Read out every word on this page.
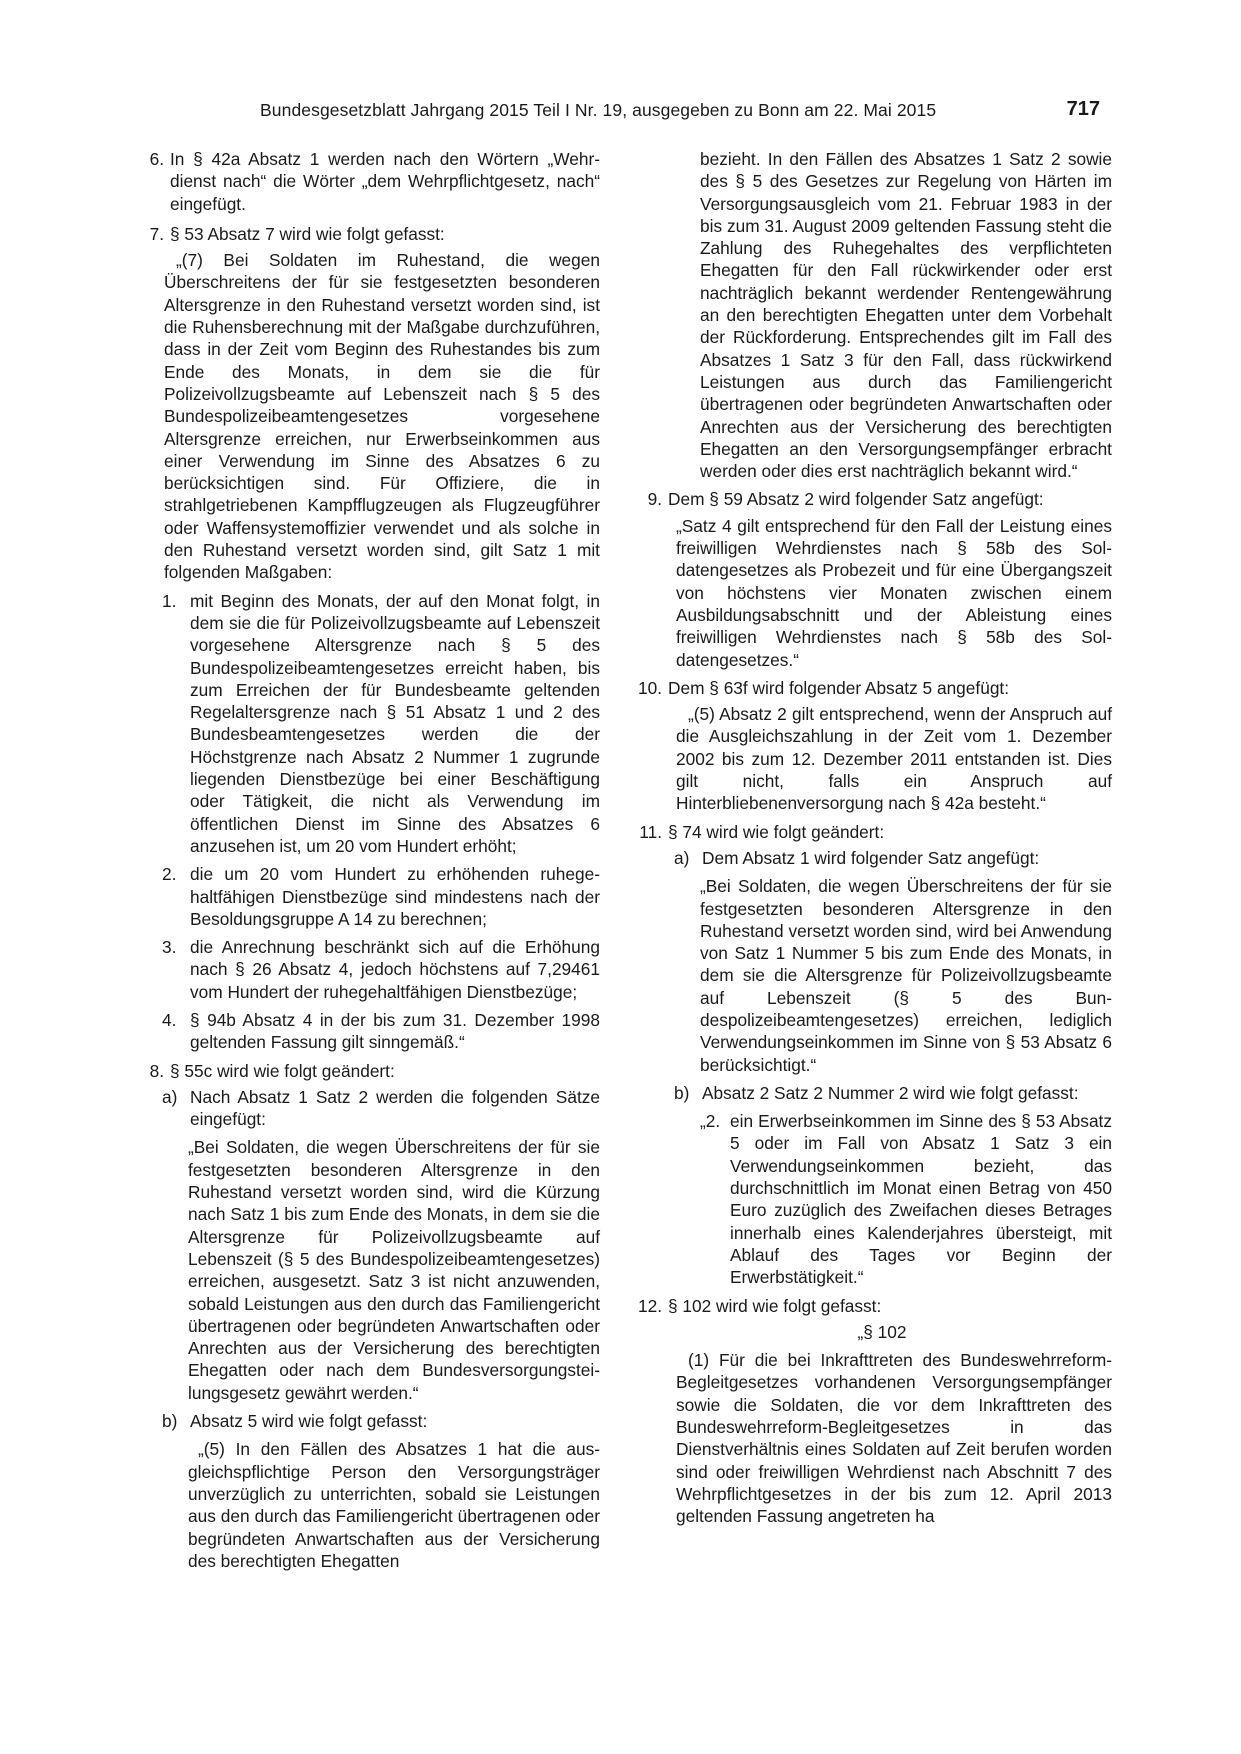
Bundesgesetzblatt Jahrgang 2015 Teil I Nr. 19, ausgegeben zu Bonn am 22. Mai 2015	717
6. In § 42a Absatz 1 werden nach den Wörtern „Wehrdienst nach“ die Wörter „dem Wehrpflichtgesetz, nach“ eingefügt.
7. § 53 Absatz 7 wird wie folgt gefasst:

„(7) Bei Soldaten im Ruhestand, die wegen Überschreitens der für sie festgesetzten besonderen Altersgrenze in den Ruhestand versetzt worden sind, ist die Ruhensberechnung mit der Maßgabe durchzuführen, dass in der Zeit vom Beginn des Ruhestandes bis zum Ende des Monats, in dem sie die für Polizeivollzugsbeamte auf Lebenszeit nach § 5 des Bundespolizeibeamtengesetzes vorgesehene Altersgrenze erreichen, nur Erwerbseinkommen aus einer Verwendung im Sinne des Absatzes 6 zu berücksichtigen sind. Für Offiziere, die in strahlgetriebenen Kampfflugzeugen als Flugzeugführer oder Waffensystemoffizier verwendet und als solche in den Ruhestand versetzt worden sind, gilt Satz 1 mit folgenden Maßgaben:

1. mit Beginn des Monats, der auf den Monat folgt, in dem sie die für Polizeivollzugsbeamte auf Lebenszeit vorgesehene Altersgrenze nach § 5 des Bundespolizeibeamtengesetzes erreicht haben, bis zum Erreichen der für Bundesbeamte geltenden Regelaltersgrenze nach § 51 Absatz 1 und 2 des Bundesbeamtengesetzes werden die der Höchstgrenze nach Absatz 2 Nummer 1 zugrunde liegenden Dienstbezüge bei einer Beschäftigung oder Tätigkeit, die nicht als Verwendung im öffentlichen Dienst im Sinne des Absatzes 6 anzusehen ist, um 20 vom Hundert erhöht;
2. die um 20 vom Hundert zu erhöhenden ruhegehaltfähigen Dienstbezüge sind mindestens nach der Besoldungsgruppe A 14 zu berechnen;
3. die Anrechnung beschränkt sich auf die Erhöhung nach § 26 Absatz 4, jedoch höchstens auf 7,29461 vom Hundert der ruhegehaltfähigen Dienstbezüge;
4. § 94b Absatz 4 in der bis zum 31. Dezember 1998 geltenden Fassung gilt sinngemäß.“
8. § 55c wird wie folgt geändert:
a) Nach Absatz 1 Satz 2 werden die folgenden Sätze eingefügt:

„Bei Soldaten, die wegen Überschreitens der für sie festgesetzten besonderen Altersgrenze in den Ruhestand versetzt worden sind, wird die Kürzung nach Satz 1 bis zum Ende des Monats, in dem sie die Altersgrenze für Polizeivollzugsbeamte auf Lebenszeit (§ 5 des Bundespolizeibeamtengesetzes) erreichen, ausgesetzt. Satz 3 ist nicht anzuwenden, sobald Leistungen aus den durch das Familiengericht übertragenen oder begründeten Anwartschaften oder Anrechten aus der Versicherung des berechtigten Ehegatten oder nach dem Bundesversorgungsteilungsgesetz gewährt werden.“

b) Absatz 5 wird wie folgt gefasst:

„(5) In den Fällen des Absatzes 1 hat die ausgleichspflichtige Person den Versorgungsträger unverzüglich zu unterrichten, sobald sie Leistungen aus den durch das Familiengericht übertragenen oder begründeten Anwartschaften aus der Versicherung des berechtigten Ehegatten

bezieht. In den Fällen des Absatzes 1 Satz 2 sowie des § 5 des Gesetzes zur Regelung von Härten im Versorgungsausgleich vom 21. Februar 1983 in der bis zum 31. August 2009 geltenden Fassung steht die Zahlung des Ruhegehaltes des verpflichteten Ehegatten für den Fall rückwirkender oder erst nachträglich bekannt werdender Rentengewährung an den berechtigten Ehegatten unter dem Vorbehalt der Rückforderung. Entsprechendes gilt im Fall des Absatzes 1 Satz 3 für den Fall, dass rückwirkend Leistungen aus durch das Familiengericht übertragenen oder begründeten Anwartschaften oder Anrechten aus der Versicherung des berechtigten Ehegatten an den Versorgungsempfänger erbracht werden oder dies erst nachträglich bekannt wird.“

9. Dem § 59 Absatz 2 wird folgender Satz angefügt:

„Satz 4 gilt entsprechend für den Fall der Leistung eines freiwilligen Wehrdienstes nach § 58b des Soldatengesetzes als Probezeit und für eine Übergangszeit von höchstens vier Monaten zwischen einem Ausbildungsabschnitt und der Ableistung eines freiwilligen Wehrdienstes nach § 58b des Soldatengesetzes.“

10. Dem § 63f wird folgender Absatz 5 angefügt:

„(5) Absatz 2 gilt entsprechend, wenn der Anspruch auf die Ausgleichszahlung in der Zeit vom 1. Dezember 2002 bis zum 12. Dezember 2011 entstanden ist. Dies gilt nicht, falls ein Anspruch auf Hinterbliebenenversorgung nach § 42a besteht.“

11. § 74 wird wie folgt geändert:
a) Dem Absatz 1 wird folgender Satz angefügt:

„Bei Soldaten, die wegen Überschreitens der für sie festgesetzten besonderen Altersgrenze in den Ruhestand versetzt worden sind, wird bei Anwendung von Satz 1 Nummer 5 bis zum Ende des Monats, in dem sie die Altersgrenze für Polizeivollzugsbeamte auf Lebenszeit (§ 5 des Bundespolizeibeamtengesetzes) erreichen, lediglich Verwendungseinkommen im Sinne von § 53 Absatz 6 berücksichtigt.“

b) Absatz 2 Satz 2 Nummer 2 wird wie folgt gefasst:
„2. ein Erwerbseinkommen im Sinne des § 53 Absatz 5 oder im Fall von Absatz 1 Satz 3 ein Verwendungseinkommen bezieht, das durchschnittlich im Monat einen Betrag von 450 Euro zuzüglich des Zweifachen dieses Betrages innerhalb eines Kalenderjahres übersteigt, mit Ablauf des Tages vor Beginn der Erwerbstätigkeit.“
12. § 102 wird wie folgt gefasst:
„§ 102

(1) Für die bei Inkrafttreten des Bundeswehrreform-Begleitgesetzes vorhandenen Versorgungsempfänger sowie die Soldaten, die vor dem Inkrafttreten des Bundeswehrreform-Begleitgesetzes in das Dienstverhältnis eines Soldaten auf Zeit berufen worden sind oder freiwilligen Wehrdienst nach Abschnitt 7 des Wehrpflichtgesetzes in der bis zum 12. April 2013 geltenden Fassung angetreten ha
